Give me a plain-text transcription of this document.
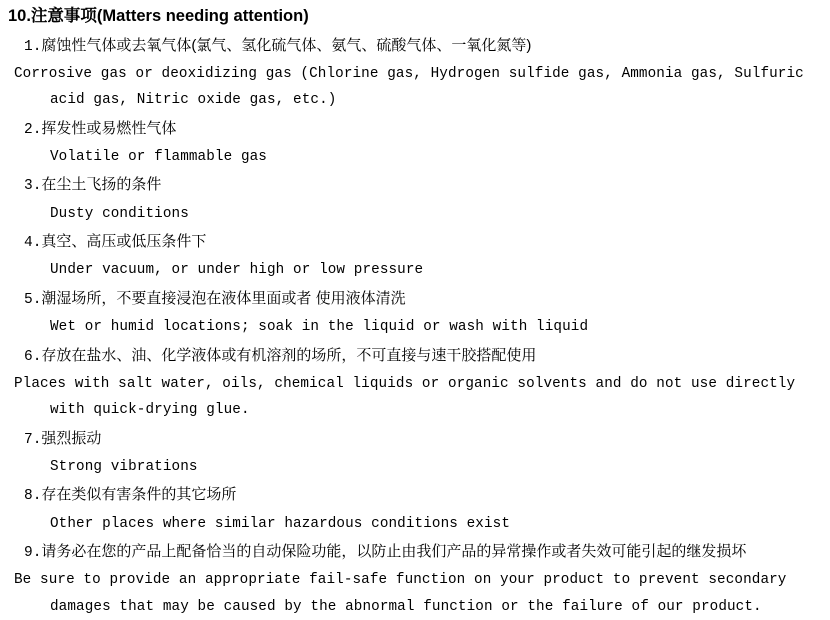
10.注意事项(Matters needing attention)
1.腐蚀性气体或去氧气体(氯气、氢化硫气体、氨气、硫酸气体、一氧化氮等)
Corrosive gas or deoxidizing gas (Chlorine gas, Hydrogen sulfide gas, Ammonia gas, Sulfuric acid gas, Nitric oxide gas, etc.)
2.挥发性或易燃性气体
Volatile or flammable gas
3.在尘土飞扬的条件
Dusty conditions
4.真空、高压或低压条件下
Under vacuum, or under high or low pressure
5.潮湿场所，不要直接浸泡在液体里面或者 使用液体清洗
Wet or humid locations; soak in the liquid or wash with liquid
6.存放在盐水、油、化学液体或有机溶剂的场所，不可直接与速干胶搭配使用
Places with salt water, oils, chemical liquids or organic solvents and do not use directly with quick-drying glue.
7.强烈振动
Strong vibrations
8.存在类似有害条件的其它场所
Other places where similar hazardous conditions exist
9.请务必在您的产品上配备恰当的自动保险功能，以防止由我们产品的异常操作或者失效可能引起的继发损坏
Be sure to provide an appropriate fail-safe function on your product to prevent secondary damages that may be caused by the abnormal function or the failure of our product.
